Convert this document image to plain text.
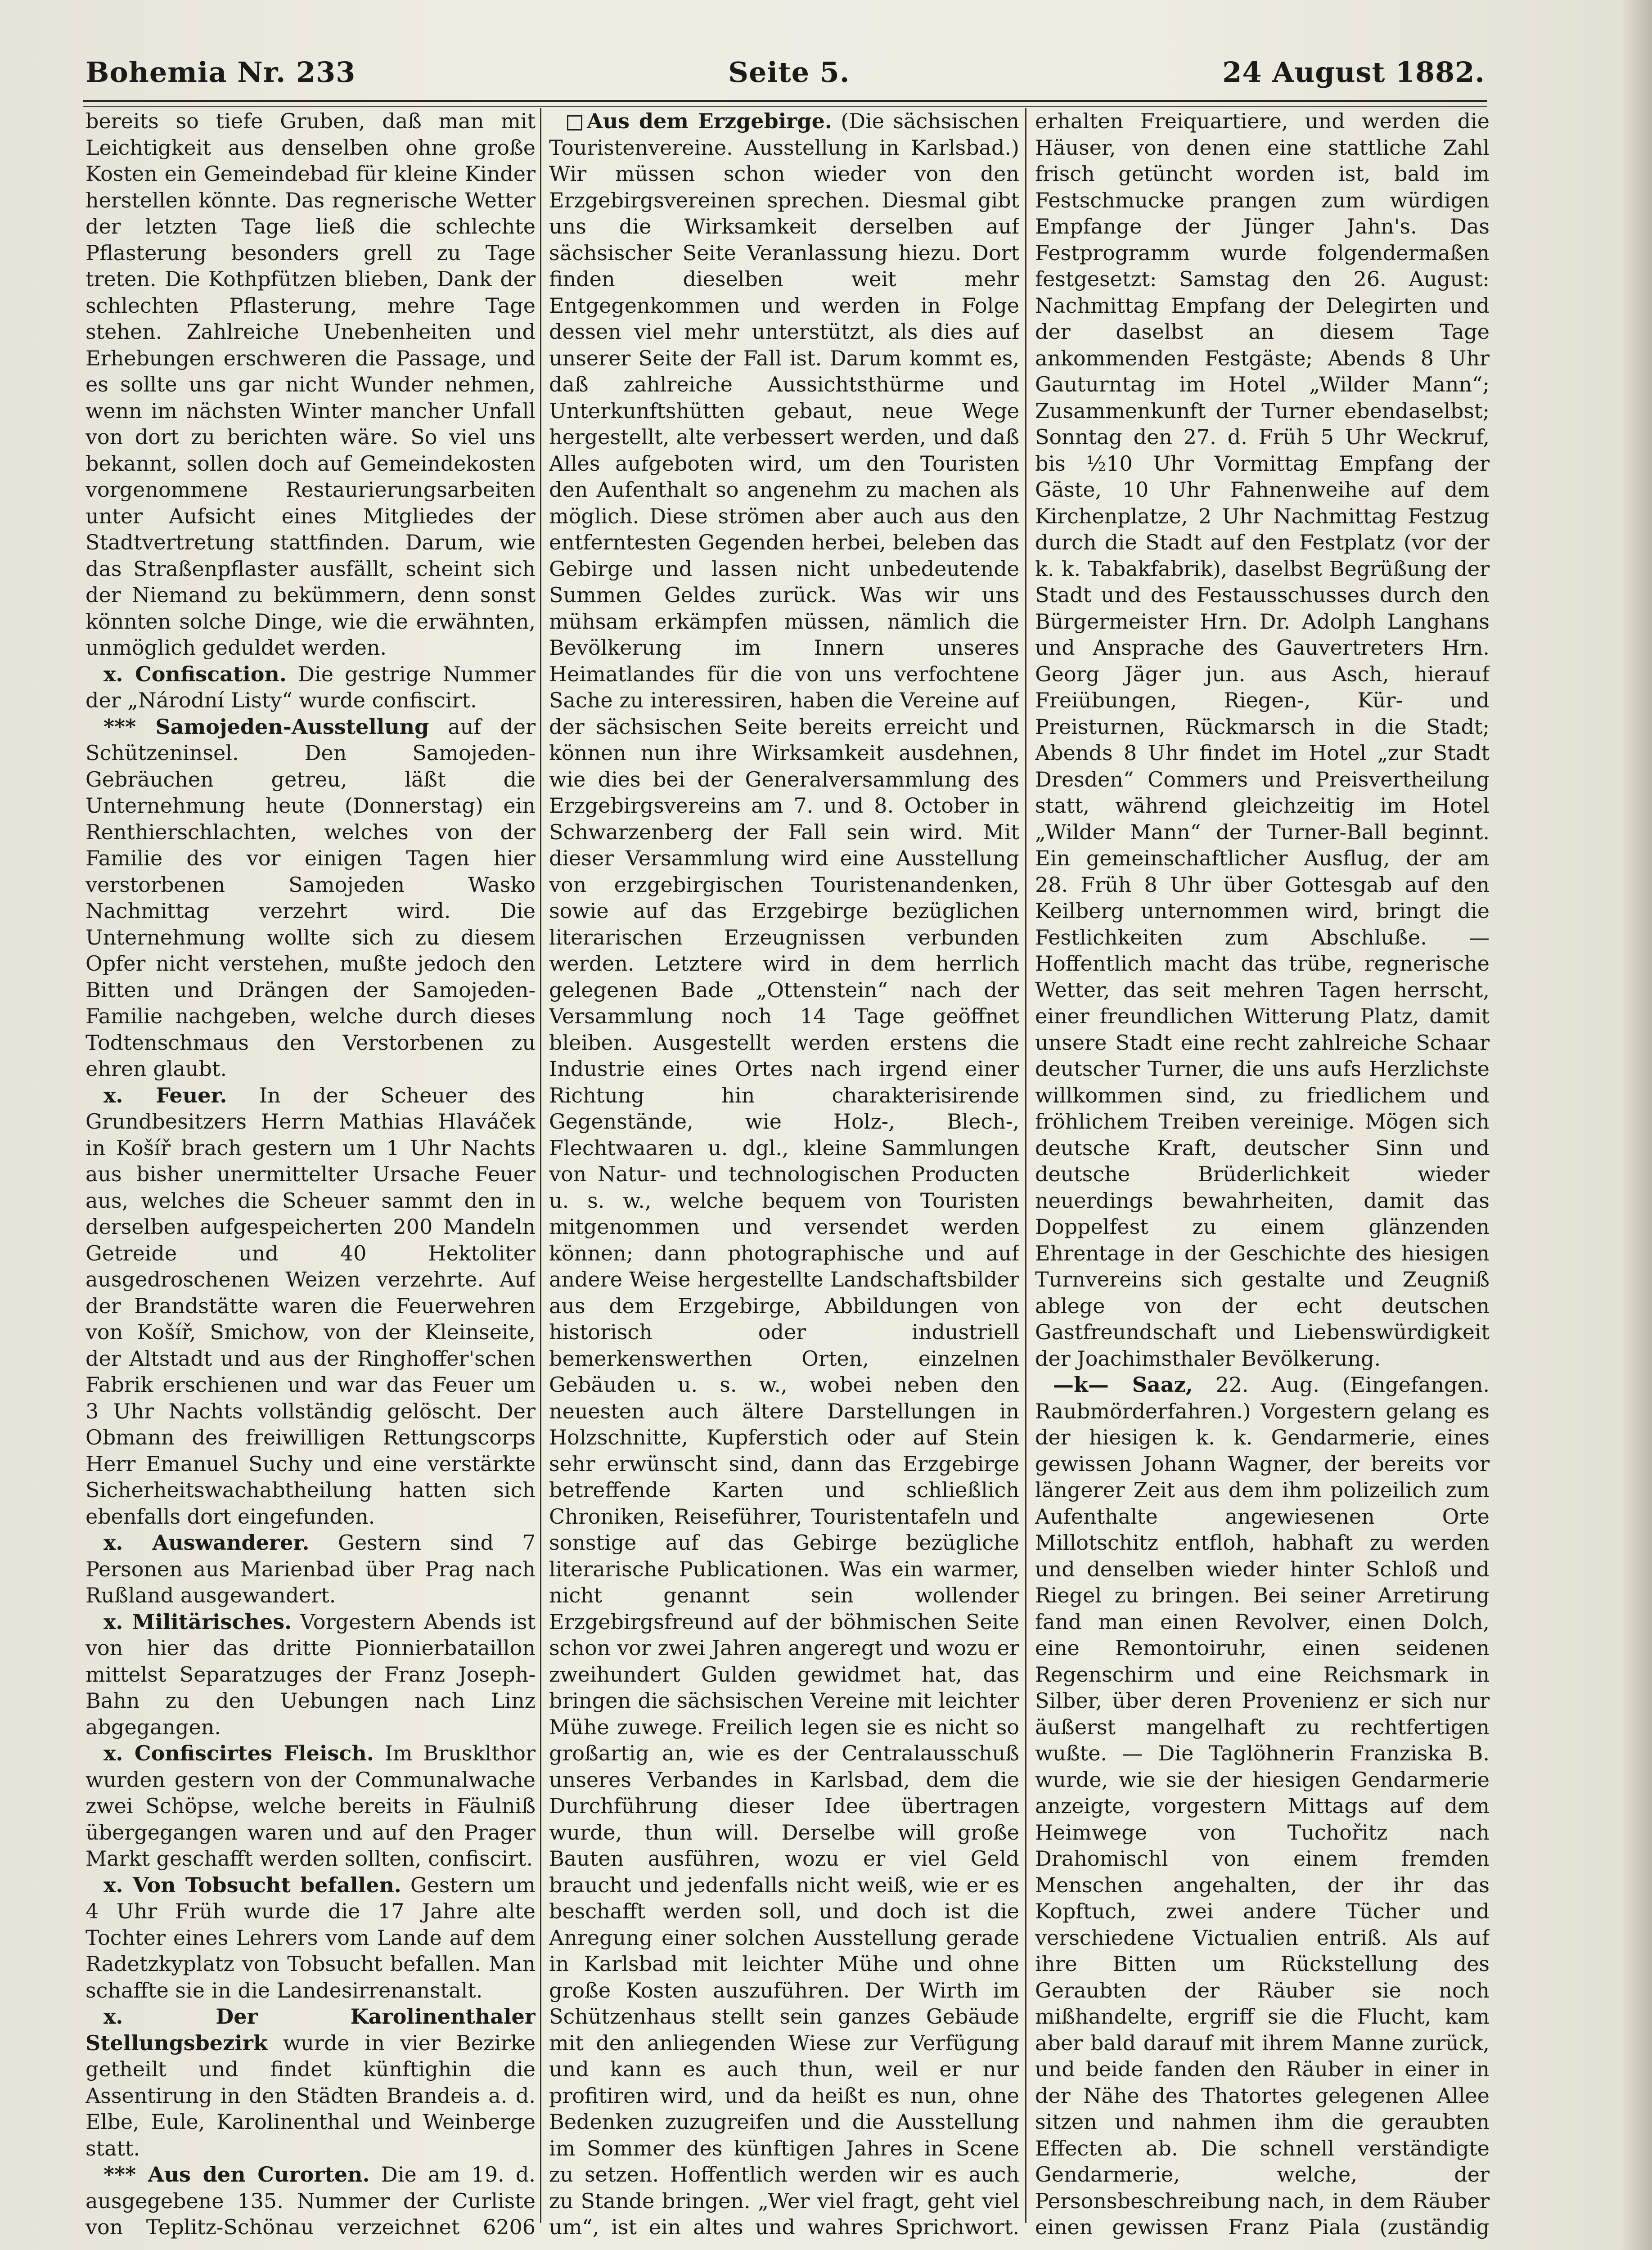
Bohemia Nr. 233	Seite 5.	24 August 1882.

bereits so tiefe Gruben, daß man mit Leichtigkeit aus denselben ohne große Kosten ein Gemeindebad für kleine Kinder herstellen könnte. Das regnerische Wetter der letzten Tage ließ die schlechte Pflasterung besonders grell zu Tage treten. Die Kothpfützen blieben, Dank der schlechten Pflasterung, mehre Tage stehen. Zahlreiche Unebenheiten und Erhebungen erschweren die Passage, und es sollte uns gar nicht Wunder nehmen, wenn im nächsten Winter mancher Unfall von dort zu berichten wäre. So viel uns bekannt, sollen doch auf Gemeindekosten vorgenommene Restaurierungsarbeiten unter Aufsicht eines Mitgliedes der Stadtvertretung stattfinden. Darum, wie das Straßenpflaster ausfällt, scheint sich der Niemand zu bekümmern, denn sonst könnten solche Dinge, wie die erwähnten, unmöglich geduldet werden.

x. Confiscation. Die gestrige Nummer der „Národní Listy“ wurde confiscirt.

*** Samojeden-Ausstellung auf der Schützeninsel. Den Samojeden-Gebräuchen getreu, läßt die Unternehmung heute (Donnerstag) ein Renthierschlachten, welches von der Familie des vor einigen Tagen hier verstorbenen Samojeden Wasko Nachmittag verzehrt wird. Die Unternehmung wollte sich zu diesem Opfer nicht verstehen, mußte jedoch den Bitten und Drängen der Samojeden-Familie nachgeben, welche durch dieses Todtenschmaus den Verstorbenen zu ehren glaubt.

x. Feuer. In der Scheuer des Grundbesitzers Herrn Mathias Hlaváček in Košíř brach gestern um 1 Uhr Nachts aus bisher unermittelter Ursache Feuer aus, welches die Scheuer sammt den in derselben aufgespeicherten 200 Mandeln Getreide und 40 Hektoliter ausgedroschenen Weizen verzehrte. Auf der Brandstätte waren die Feuerwehren von Košíř, Smichow, von der Kleinseite, der Altstadt und aus der Ringhoffer'schen Fabrik erschienen und war das Feuer um 3 Uhr Nachts vollständig gelöscht. Der Obmann des freiwilligen Rettungscorps Herr Emanuel Suchy und eine verstärkte Sicherheitswachabtheilung hatten sich ebenfalls dort eingefunden.

x. Auswanderer. Gestern sind 7 Personen aus Marienbad über Prag nach Rußland ausgewandert.

x. Militärisches. Vorgestern Abends ist von hier das dritte Pionnierbataillon mittelst Separatzuges der Franz Joseph-Bahn zu den Uebungen nach Linz abgegangen.

x. Confiscirtes Fleisch. Im Brusklthor wurden gestern von der Communalwache zwei Schöpse, welche bereits in Fäulniß übergegangen waren und auf den Prager Markt geschafft werden sollten, confiscirt.

x. Von Tobsucht befallen. Gestern um 4 Uhr Früh wurde die 17 Jahre alte Tochter eines Lehrers vom Lande auf dem Radetzkyplatz von Tobsucht befallen. Man schaffte sie in die Landesirrenanstalt.

x. Der Karolinenthaler Stellungsbezirk wurde in vier Bezirke getheilt und findet künftighin die Assentirung in den Städten Brandeis a. d. Elbe, Eule, Karolinenthal und Weinberge statt.

*** Aus den Curorten. Die am 19. d. ausgegebene 135. Nummer der Curliste von Teplitz-Schönau verzeichnet 6206

Aus dem Erzgebirge. (Die sächsischen Touristenvereine. Ausstellung in Karlsbad.) Wir müssen schon wieder von den Erzgebirgsvereinen sprechen. Diesmal gibt uns die Wirksamkeit derselben auf sächsischer Seite Veranlassung hiezu. Dort finden dieselben weit mehr Entgegenkommen und werden in Folge dessen viel mehr unterstützt, als dies auf unserer Seite der Fall ist. Darum kommt es, daß zahlreiche Aussichtsthürme und Unterkunftshütten gebaut, neue Wege hergestellt, alte verbessert werden, und daß Alles aufgeboten wird, um den Touristen den Aufenthalt so angenehm zu machen als möglich. Diese strömen aber auch aus den entferntesten Gegenden herbei, beleben das Gebirge und lassen nicht unbedeutende Summen Geldes zurück. Was wir uns mühsam erkämpfen müssen, nämlich die Bevölkerung im Innern unseres Heimatlandes für die von uns verfochtene Sache zu interessiren, haben die Vereine auf der sächsischen Seite bereits erreicht und können nun ihre Wirksamkeit ausdehnen, wie dies bei der Generalversammlung des Erzgebirgsvereins am 7. und 8. October in Schwarzenberg der Fall sein wird. Mit dieser Versammlung wird eine Ausstellung von erzgebirgischen Touristenandenken, sowie auf das Erzgebirge bezüglichen literarischen Erzeugnissen verbunden werden. Letztere wird in dem herrlich gelegenen Bade „Ottenstein“ nach der Versammlung noch 14 Tage geöffnet bleiben. Ausgestellt werden erstens die Industrie eines Ortes nach irgend einer Richtung hin charakterisirende Gegenstände, wie Holz-, Blech-, Flechtwaaren u. dgl., kleine Sammlungen von Natur- und technologischen Producten u. s. w., welche bequem von Touristen mitgenommen und versendet werden können; dann photographische und auf andere Weise hergestellte Landschaftsbilder aus dem Erzgebirge, Abbildungen von historisch oder industriell bemerkenswerthen Orten, einzelnen Gebäuden u. s. w., wobei neben den neuesten auch ältere Darstellungen in Holzschnitte, Kupferstich oder auf Stein sehr erwünscht sind, dann das Erzgebirge betreffende Karten und schließlich Chroniken, Reiseführer, Touristentafeln und sonstige auf das Gebirge bezügliche literarische Publicationen. Was ein warmer, nicht genannt sein wollender Erzgebirgsfreund auf der böhmischen Seite schon vor zwei Jahren angeregt und wozu er zweihundert Gulden gewidmet hat, das bringen die sächsischen Vereine mit leichter Mühe zuwege. Freilich legen sie es nicht so großartig an, wie es der Centralausschuß unseres Verbandes in Karlsbad, dem die Durchführung dieser Idee übertragen wurde, thun will. Derselbe will große Bauten ausführen, wozu er viel Geld braucht und jedenfalls nicht weiß, wie er es beschafft werden soll, und doch ist die Anregung einer solchen Ausstellung gerade in Karlsbad mit leichter Mühe und ohne große Kosten auszuführen. Der Wirth im Schützenhaus stellt sein ganzes Gebäude mit den anliegenden Wiese zur Verfügung und kann es auch thun, weil er nur profitiren wird, und da heißt es nun, ohne Bedenken zuzugreifen und die Ausstellung im Sommer des künftigen Jahres in Scene zu setzen. Hoffentlich werden wir es auch zu Stande bringen. „Wer viel fragt, geht viel um“, ist ein altes und wahres Sprichwort.

erhalten Freiquartiere, und werden die Häuser, von denen eine stattliche Zahl frisch getüncht worden ist, bald im Festschmucke prangen zum würdigen Empfange der Jünger Jahn's. Das Festprogramm wurde folgendermaßen festgesetzt: Samstag den 26. August: Nachmittag Empfang der Delegirten und der daselbst an diesem Tage ankommenden Festgäste; Abends 8 Uhr Gauturntag im Hotel „Wilder Mann“; Zusammenkunft der Turner ebendaselbst; Sonntag den 27. d. Früh 5 Uhr Weckruf, bis ½10 Uhr Vormittag Empfang der Gäste, 10 Uhr Fahnenweihe auf dem Kirchenplatze, 2 Uhr Nachmittag Festzug durch die Stadt auf den Festplatz (vor der k. k. Tabakfabrik), daselbst Begrüßung der Stadt und des Festausschusses durch den Bürgermeister Hrn. Dr. Adolph Langhans und Ansprache des Gauvertreters Hrn. Georg Jäger jun. aus Asch, hierauf Freiübungen, Riegen-, Kür- und Preisturnen, Rückmarsch in die Stadt; Abends 8 Uhr findet im Hotel „zur Stadt Dresden“ Commers und Preisvertheilung statt, während gleichzeitig im Hotel „Wilder Mann“ der Turner-Ball beginnt. Ein gemeinschaftlicher Ausflug, der am 28. Früh 8 Uhr über Gottesgab auf den Keilberg unternommen wird, bringt die Festlichkeiten zum Abschluße. — Hoffentlich macht das trübe, regnerische Wetter, das seit mehren Tagen herrscht, einer freundlichen Witterung Platz, damit unsere Stadt eine recht zahlreiche Schaar deutscher Turner, die uns aufs Herzlichste willkommen sind, zu friedlichem und fröhlichem Treiben vereinige. Mögen sich deutsche Kraft, deutscher Sinn und deutsche Brüderlichkeit wieder neuerdings bewahrheiten, damit das Doppelfest zu einem glänzenden Ehrentage in der Geschichte des hiesigen Turnvereins sich gestalte und Zeugniß ablege von der echt deutschen Gastfreundschaft und Liebenswürdigkeit der Joachimsthaler Bevölkerung.

—k— Saaz, 22. Aug. (Eingefangen. Raubmörderfahren.) Vorgestern gelang es der hiesigen k. k. Gendarmerie, eines gewissen Johann Wagner, der bereits vor längerer Zeit aus dem ihm polizeilich zum Aufenthalte angewiesenen Orte Millotschitz entfloh, habhaft zu werden und denselben wieder hinter Schloß und Riegel zu bringen. Bei seiner Arretirung fand man einen Revolver, einen Dolch, eine Remontoiruhr, einen seidenen Regenschirm und eine Reichsmark in Silber, über deren Provenienz er sich nur äußerst mangelhaft zu rechtfertigen wußte. — Die Taglöhnerin Franziska B. wurde, wie sie der hiesigen Gendarmerie anzeigte, vorgestern Mittags auf dem Heimwege von Tuchořitz nach Drahomischl von einem fremden Menschen angehalten, der ihr das Kopftuch, zwei andere Tücher und verschiedene Victualien entriß. Als auf ihre Bitten um Rückstellung des Geraubten der Räuber sie noch mißhandelte, ergriff sie die Flucht, kam aber bald darauf mit ihrem Manne zurück, und beide fanden den Räuber in einer in der Nähe des Thatortes gelegenen Allee sitzen und nahmen ihm die geraubten Effecten ab. Die schnell verständigte Gendarmerie, welche, der Personsbeschreibung nach, in dem Räuber einen gewissen Franz Piala (zuständig
